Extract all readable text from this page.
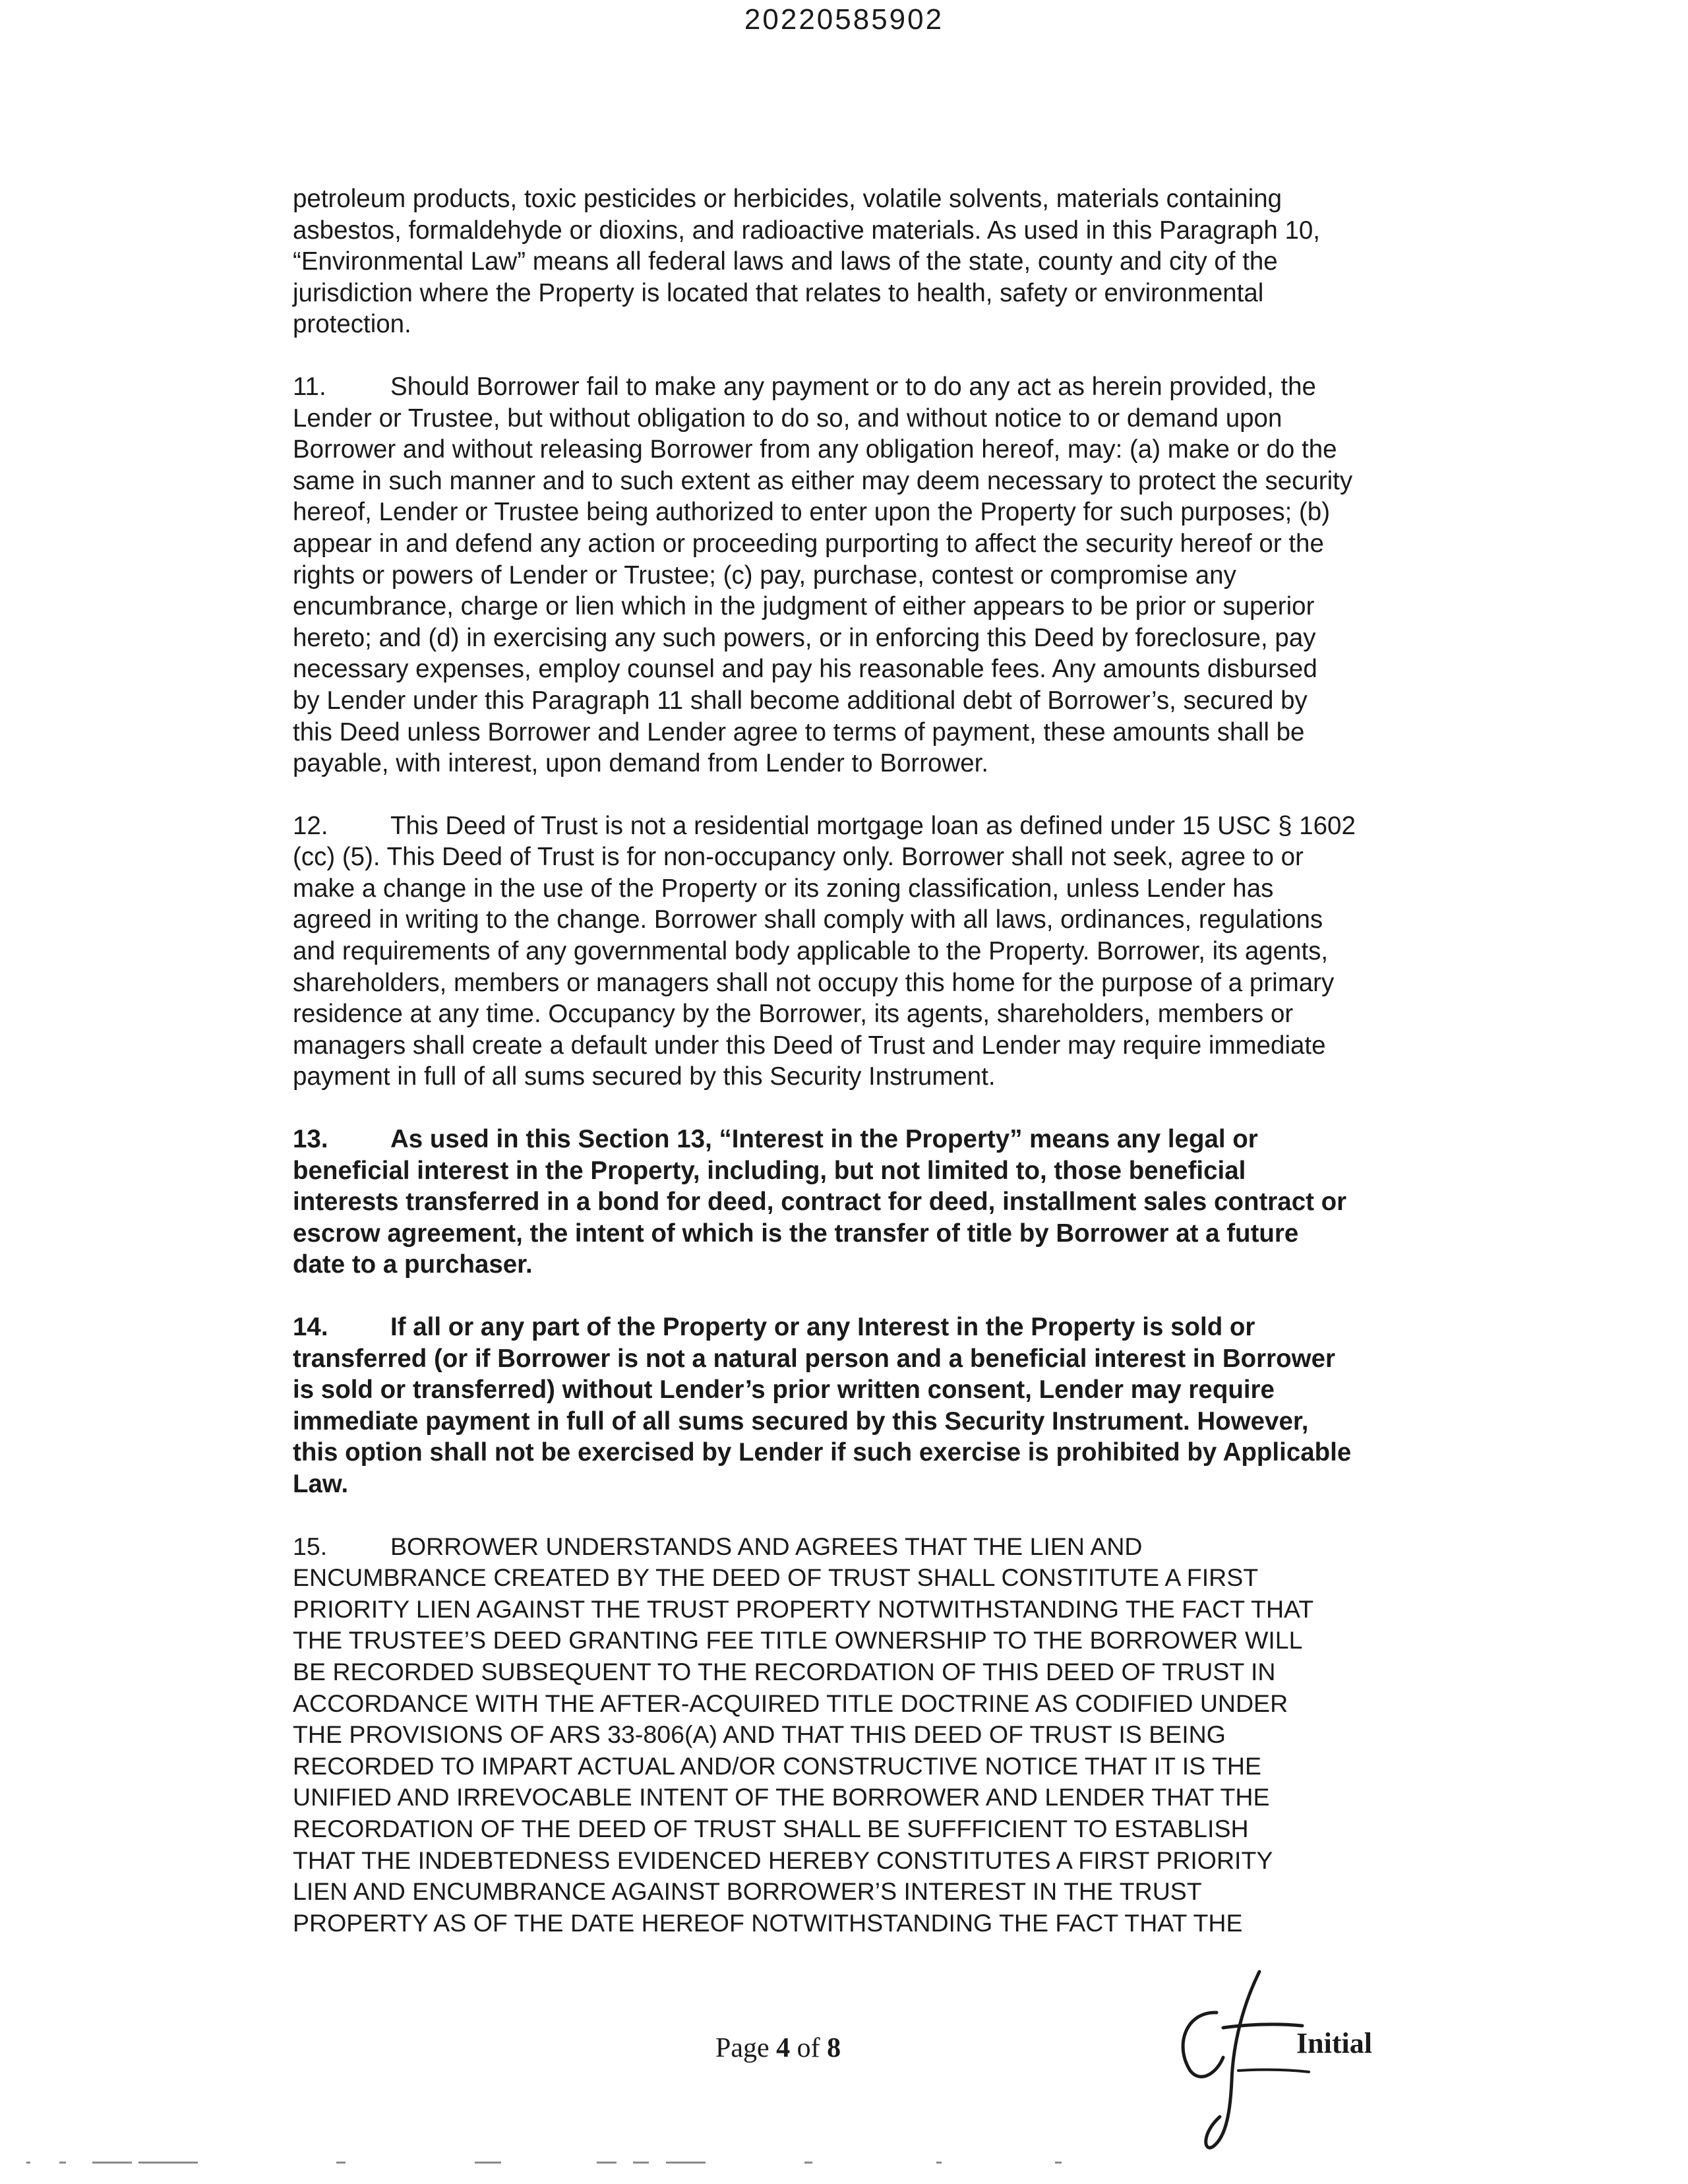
20220585902

petroleum products, toxic pesticides or herbicides, volatile solvents, materials containing
asbestos, formaldehyde or dioxins, and radioactive materials. As used in this Paragraph 10,
“Environmental Law” means all federal laws and laws of the state, county and city of the
jurisdiction where the Property is located that relates to health, safety or environmental
protection.

11.	Should Borrower fail to make any payment or to do any act as herein provided, the
Lender or Trustee, but without obligation to do so, and without notice to or demand upon
Borrower and without releasing Borrower from any obligation hereof, may: (a) make or do the
same in such manner and to such extent as either may deem necessary to protect the security
hereof, Lender or Trustee being authorized to enter upon the Property for such purposes; (b)
appear in and defend any action or proceeding purporting to affect the security hereof or the
rights or powers of Lender or Trustee; (c) pay, purchase, contest or compromise any
encumbrance, charge or lien which in the judgment of either appears to be prior or superior
hereto; and (d) in exercising any such powers, or in enforcing this Deed by foreclosure, pay
necessary expenses, employ counsel and pay his reasonable fees. Any amounts disbursed
by Lender under this Paragraph 11 shall become additional debt of Borrower’s, secured by
this Deed unless Borrower and Lender agree to terms of payment, these amounts shall be
payable, with interest, upon demand from Lender to Borrower.

12. This Deed of Trust is not a residential mortgage loan as defined under 15 USC § 1602
(cc) (5). This Deed of Trust is for non-occupancy only. Borrower shall not seek, agree to or
make a change in the use of the Property or its zoning classification, unless Lender has
agreed in writing to the change. Borrower shall comply with all laws, ordinances, regulations
and requirements of any governmental body applicable to the Property. Borrower, its agents,
shareholders, members or managers shall not occupy this home for the purpose of a primary
residence at any time. Occupancy by the Borrower, its agents, shareholders, members or
managers shall create a default under this Deed of Trust and Lender may require immediate
payment in full of all sums secured by this Security Instrument.

13. As used in this Section 13, “Interest in the Property” means any legal or
beneficial interest in the Property, including, but not limited to, those beneficial
interests transferred in a bond for deed, contract for deed, installment sales contract or
escrow agreement, the intent of which is the transfer of title by Borrower at a future
date to a purchaser.

14. If all or any part of the Property or any Interest in the Property is sold or
transferred (or if Borrower is not a natural person and a beneficial interest in Borrower
is sold or transferred) without Lender’s prior written consent, Lender may require
immediate payment in full of all sums secured by this Security Instrument. However,
this option shall not be exercised by Lender if such exercise is prohibited by Applicable
Law.

15.	BORROWER UNDERSTANDS AND AGREES THAT THE LIEN AND
ENCUMBRANCE CREATED BY THE DEED OF TRUST SHALL CONSTITUTE A FIRST
PRIORITY LIEN AGAINST THE TRUST PROPERTY NOTWITHSTANDING THE FACT THAT
THE TRUSTEE’S DEED GRANTING FEE TITLE OWNERSHIP TO THE BORROWER WILL
BE RECORDED SUBSEQUENT TO THE RECORDATION OF THIS DEED OF TRUST IN
ACCORDANCE WITH THE AFTER-ACQUIRED TITLE DOCTRINE AS CODIFIED UNDER
THE PROVISIONS OF ARS 33-806(A) AND THAT THIS DEED OF TRUST IS BEING
RECORDED TO IMPART ACTUAL AND/OR CONSTRUCTIVE NOTICE THAT IT IS THE
UNIFIED AND IRREVOCABLE INTENT OF THE BORROWER AND LENDER THAT THE
RECORDATION OF THE DEED OF TRUST SHALL BE SUFFFICIENT TO ESTABLISH
THAT THE INDEBTEDNESS EVIDENCED HEREBY CONSTITUTES A FIRST PRIORITY
LIEN AND ENCUMBRANCE AGAINST BORROWER’S INTEREST IN THE TRUST
PROPERTY AS OF THE DATE HEREOF NOTWITHSTANDING THE FACT THAT THE

Page 4 of 8	Initial
